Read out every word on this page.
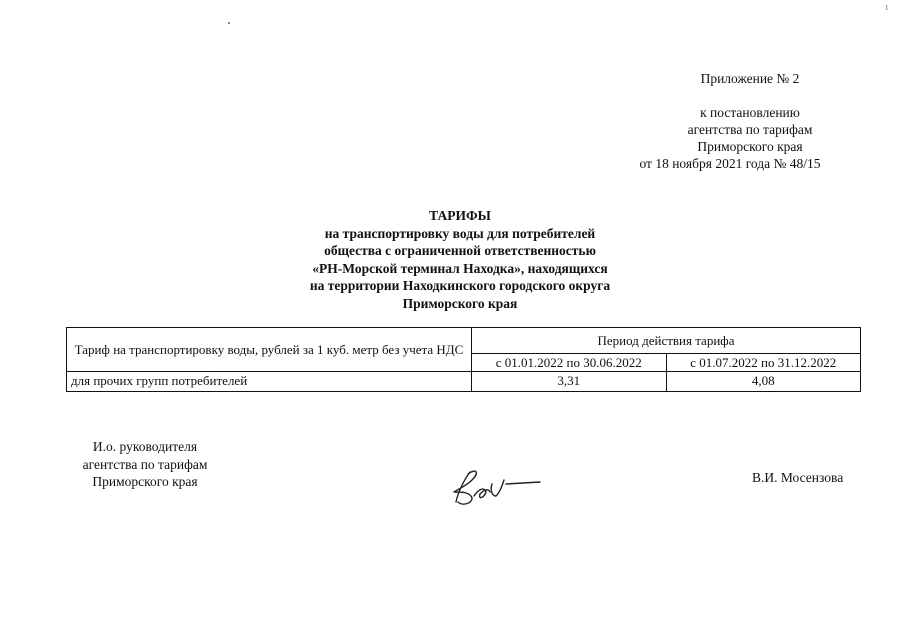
1
Приложение № 2
к постановлению
агентства по тарифам
Приморского края
от 18 ноября 2021 года № 48/15
ТАРИФЫ
на транспортировку воды для потребителей
общества с ограниченной ответственностью
«РН-Морской терминал Находка», находящихся
на территории Находкинского городского округа
Приморского края
Тариф на транспортировку воды, рублей за 1 куб. метр без учета НДС	Период действия тарифа	
	с 01.01.2022 по 30.06.2022	с 01.07.2022 по 31.12.2022
для прочих групп потребителей	3,31	4,08
И.о. руководителя
агентства по тарифам
Приморского края	В.И. Мосензова
